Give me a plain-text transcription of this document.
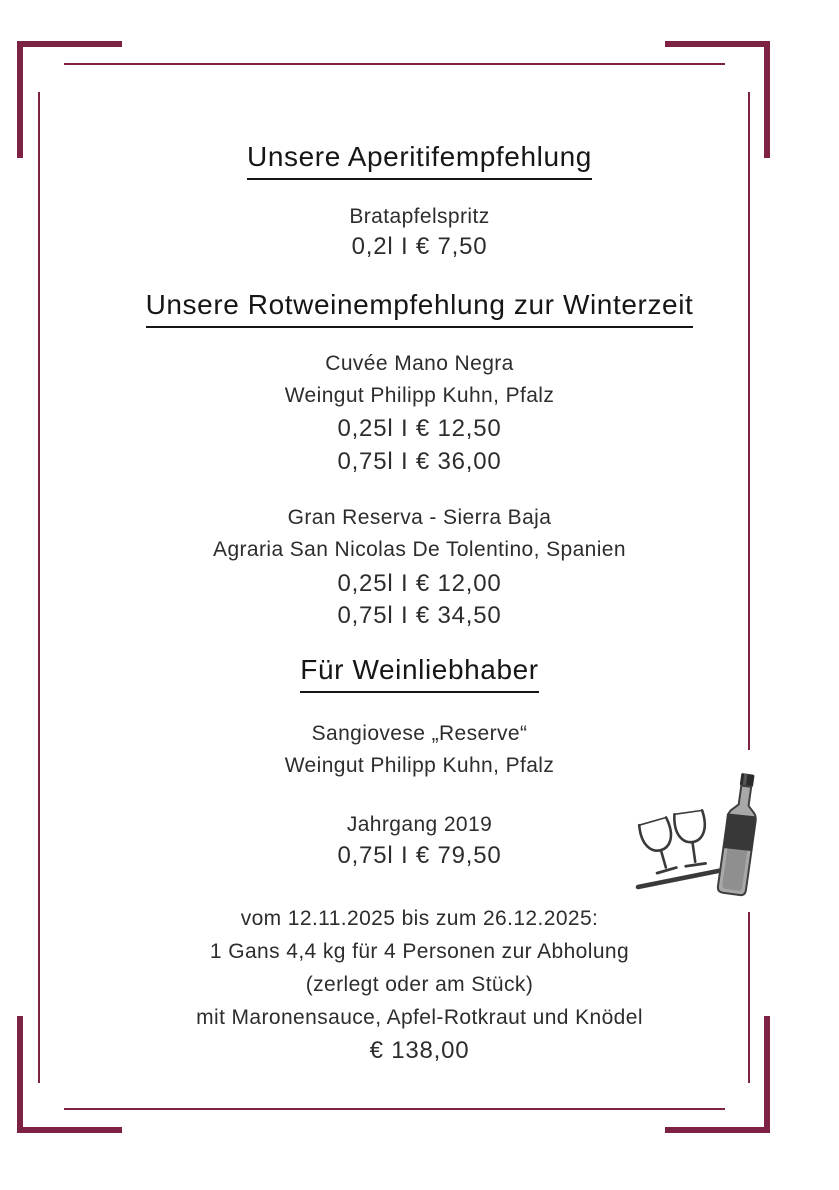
Unsere Aperitifempfehlung
Bratapfelspritz
0,2l I € 7,50
Unsere Rotweinempfehlung zur Winterzeit
Cuvée Mano Negra
Weingut Philipp Kuhn, Pfalz
0,25l I € 12,50
0,75l I € 36,00
Gran Reserva - Sierra Baja
Agraria San Nicolas De Tolentino, Spanien
0,25l I € 12,00
0,75l I € 34,50
Für Weinliebhaber
Sangiovese „Reserve“
Weingut Philipp Kuhn, Pfalz
Jahrgang 2019
0,75l I € 79,50
vom 12.11.2025 bis zum 26.12.2025:
1 Gans 4,4 kg für 4 Personen zur Abholung
(zerlegt oder am Stück)
mit Maronensauce, Apfel-Rotkraut und Knödel
€ 138,00
